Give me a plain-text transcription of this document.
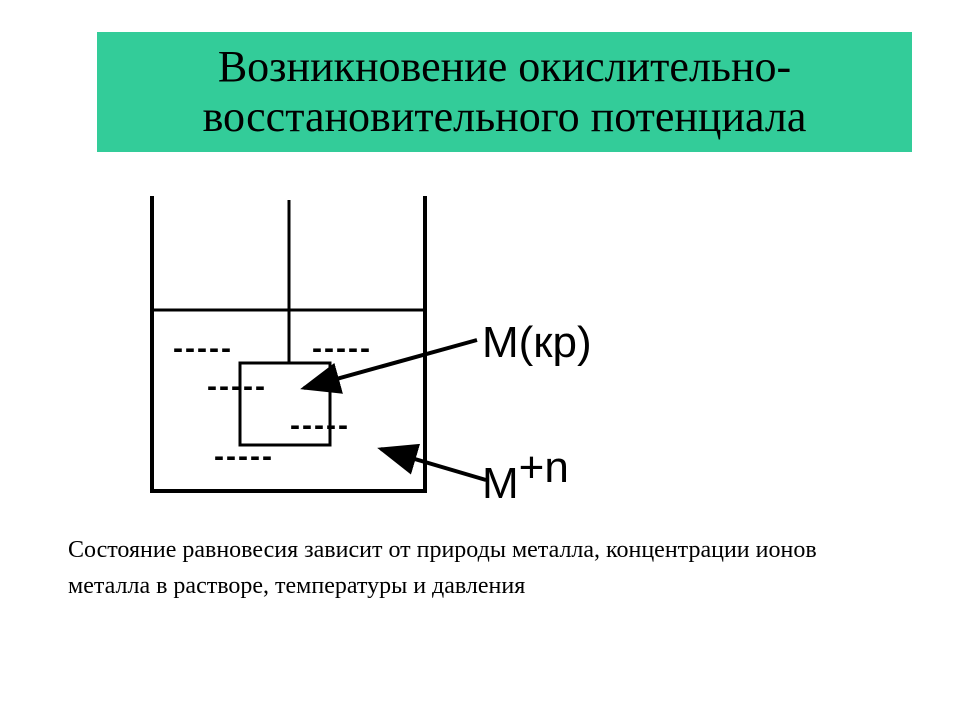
Возникновение окислительно-
восстановительного потенциала
-----	-----
-----
-----
-----
M(кр)
M+n
Состояние равновесия зависит от природы металла, концентрации ионов металла в растворе, температуры и давления
